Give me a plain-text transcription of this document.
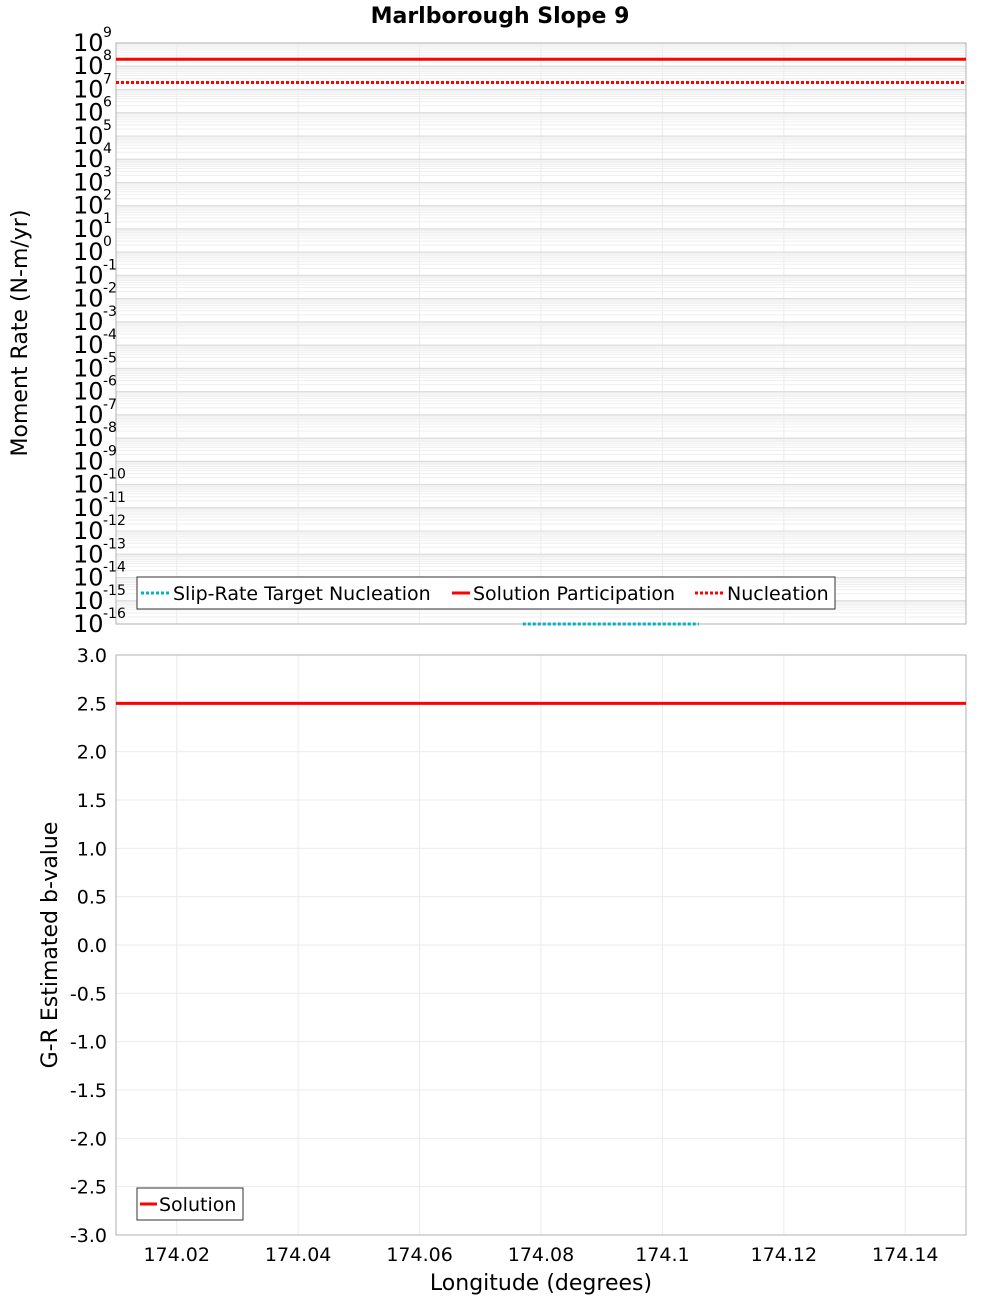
Marlborough Slope 9
10 9
10 8
10 7
10 6
10 5
10 4
10 3
10 2
10 1
10 0
10 -1
10 -2
10 -3
10 -4
10 -5
10 -6
10 -7
10 -8
10 -9
10 -10
10 -11
10 -12
10 -13
10 -14
10 -15
10 -16
Moment Rate (N-m/yr)
Slip-Rate Target Nucleation Solution Participation	Nucleation
3.0
2.5
2.0
1.5
1.0
0.5
0.0
-0.5
-1.0
-1.5
-2.0
-2.5
-3.0
174.02	174.04	174.06	174.08	174.1	174.12	174.14
G-R Estimated b-value
Longitude (degrees)
Solution
